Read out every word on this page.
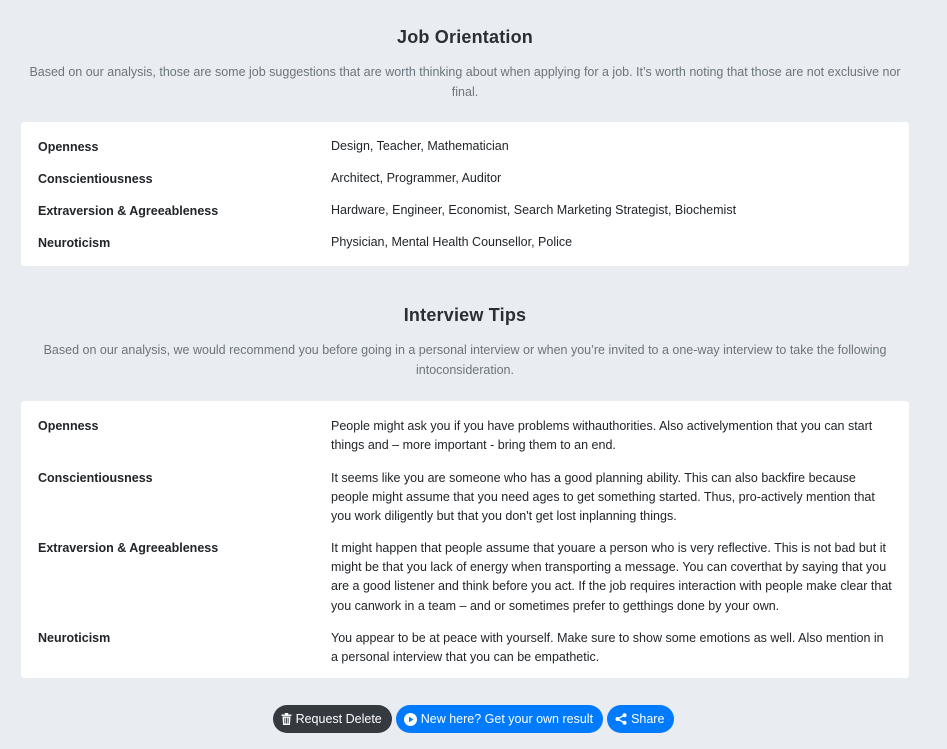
Job Orientation

Based on our analysis, those are some job suggestions that are worth thinking about when applying for a job. It’s worth noting that those are not exclusive nor final.

Openness	Design, Teacher, Mathematician
Conscientiousness	Architect, Programmer, Auditor
Extraversion & Agreeableness	Hardware, Engineer, Economist, Search Marketing Strategist, Biochemist
Neuroticism	Physician, Mental Health Counsellor, Police
Interview Tips

Based on our analysis, we would recommend you before going in a personal interview or when you’re invited to a one-way interview to take the following intoconsideration.

Openness	People might ask you if you have problems withauthorities. Also activelymention that you can start things and – more important - bring them to an end.
Conscientiousness	It seems like you are someone who has a good planning ability. This can also backfire because people might assume that you need ages to get something started. Thus, pro-actively mention that you work diligently but that you don't get lost inplanning things.
Extraversion & Agreeableness	It might happen that people assume that youare a person who is very reflective. This is not bad but it might be that you lack of energy when transporting a message. You can coverthat by saying that you are a good listener and think before you act. If the job requires interaction with people make clear that you canwork in a team – and or sometimes prefer to getthings done by your own.
Neuroticism	You appear to be at peace with yourself. Make sure to show some emotions as well. Also mention in a personal interview that you can be empathetic.
Request Delete	New here? Get your own result	Share
